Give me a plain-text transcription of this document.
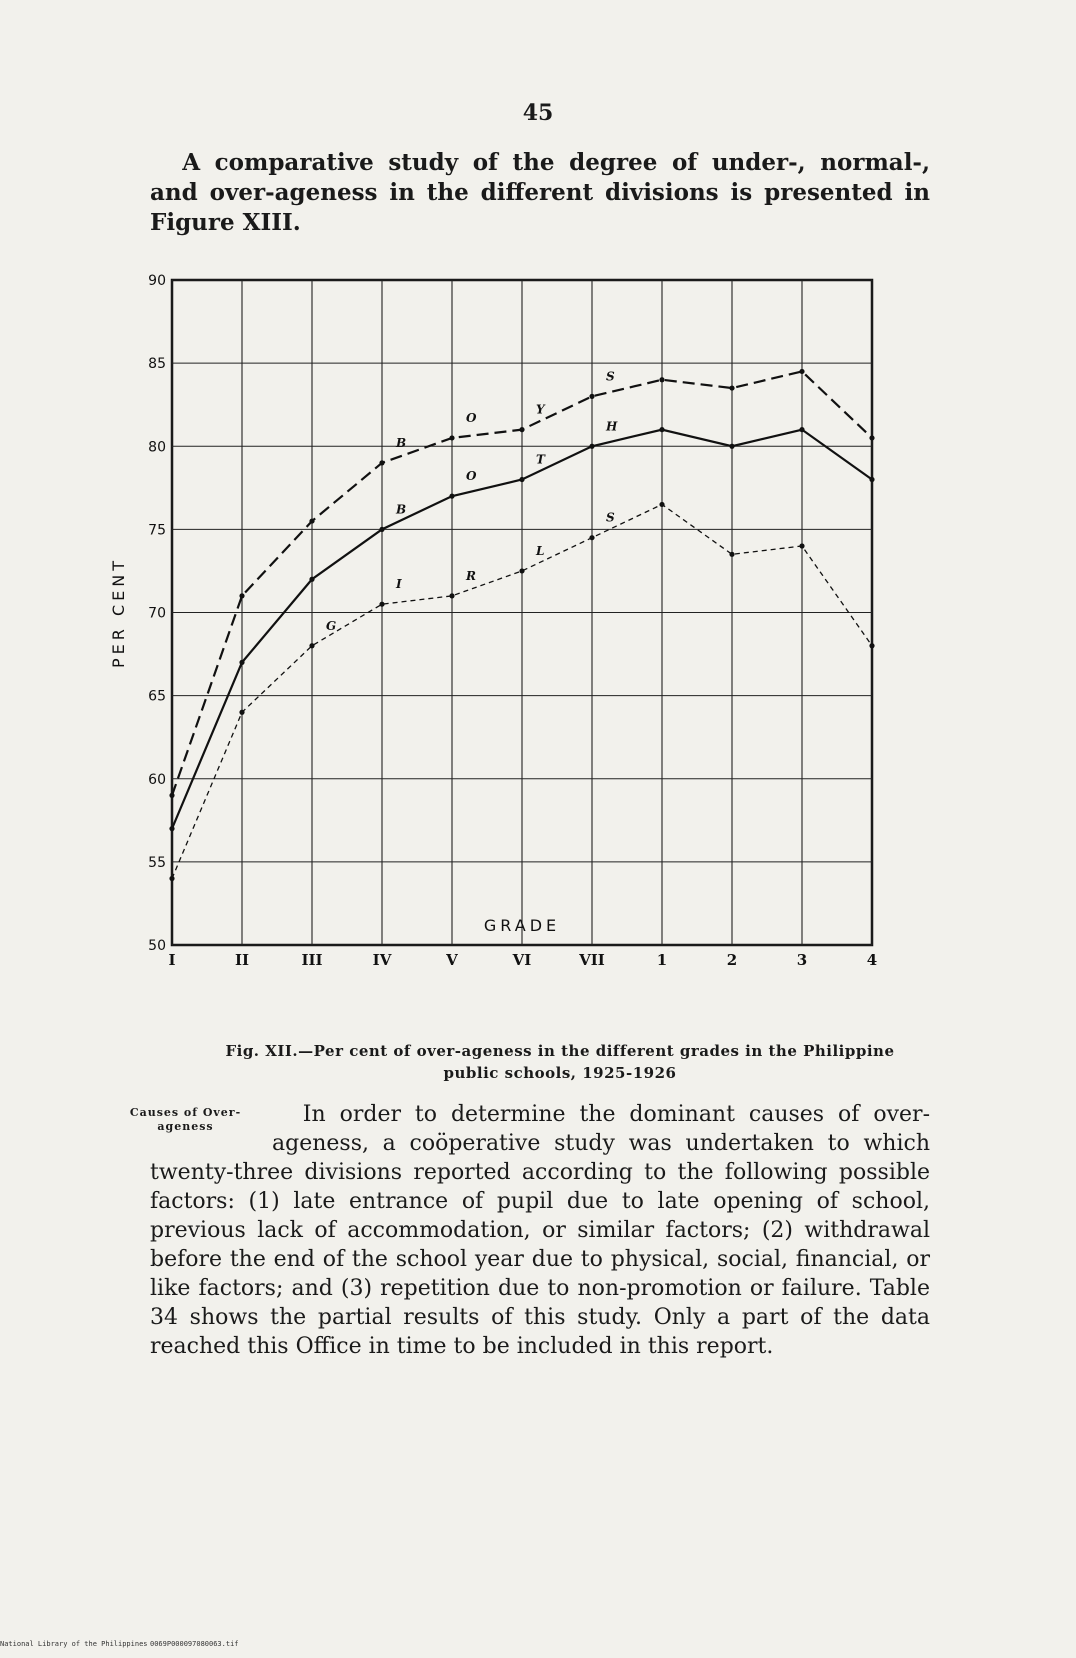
45

A comparative study of the degree of under-, normal-, and over-ageness in the different divisions is presented in Figure XIII.

50
55
60
65
70
75
80
85
90
I	II	III	IV	V	VI	VII	1	2	3	4
B
O
Y
S
B
O
T
H
G
I
R
L
S
GRADE
PER CENT

Fig. XII.—Per cent of over-ageness in the different grades in the Philippine
public schools, 1925-1926

Causes of Over-ageness	In order to determine the dominant causes of over-ageness, a coöperative study was undertaken to which twenty-three divisions reported according to the following possible factors: (1) late entrance of pupil due to late opening of school, previous lack of accommodation, or similar factors; (2) withdrawal before the end of the school year due to physical, social, financial, or like factors; and (3) repetition due to non-promotion or failure. Table 34 shows the partial results of this study. Only a part of the data reached this Office in time to be included in this report.

National Library of the Philippines 0069P000097080063.tif
